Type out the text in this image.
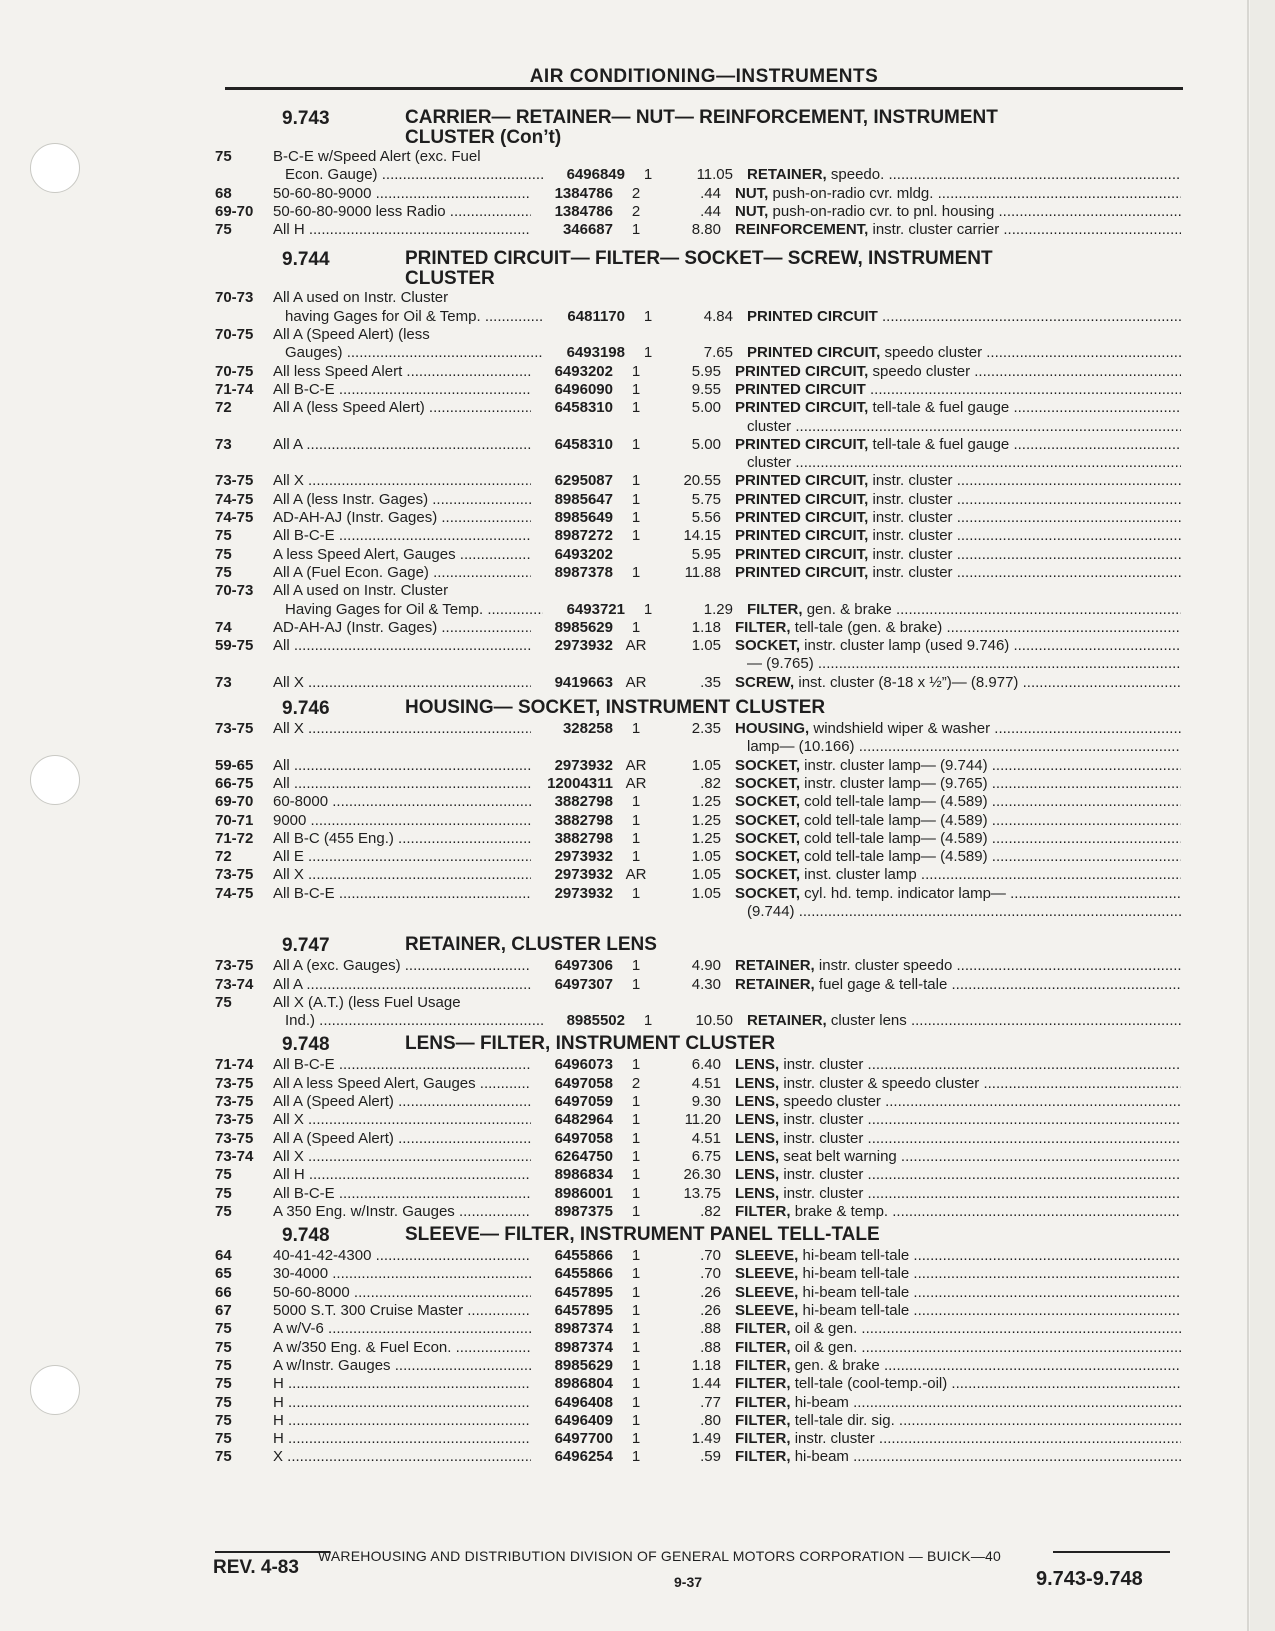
AIR CONDITIONING—INSTRUMENTS
9.743	CARRIER— RETAINER— NUT— REINFORCEMENT, INSTRUMENT
CLUSTER (Con’t)
75	B-C-E w/Speed Alert (exc. Fuel
Econ. Gauge) .....	6496849	1	11.05 RETAINER, speedo. .....
68	50-60-80-9000 .....	1384786	2	.44 NUT, push-on-radio cvr. mldg. .....
69-70	50-60-80-9000 less Radio .....	1384786	2	.44 NUT, push-on-radio cvr. to pnl. housing .....
75	All H .....	346687	1	8.80 REINFORCEMENT, instr. cluster carrier .....
9.744	PRINTED CIRCUIT— FILTER— SOCKET— SCREW, INSTRUMENT
CLUSTER
70-73	All A used on Instr. Cluster
having Gages for Oil & Temp. .....	6481170	1	4.84 PRINTED CIRCUIT .....
70-75	All A (Speed Alert) (less
Gauges) .....	6493198	1	7.65 PRINTED CIRCUIT, speedo cluster .....
70-75	All less Speed Alert .....	6493202	1	5.95 PRINTED CIRCUIT, speedo cluster .....
71-74	All B-C-E .....	6496090	1	9.55 PRINTED CIRCUIT .....
72	All A (less Speed Alert) .....	6458310	1	5.00 PRINTED CIRCUIT, tell-tale & fuel gauge .....
cluster .....
73	All A .....	6458310	1	5.00 PRINTED CIRCUIT, tell-tale & fuel gauge .....
cluster .....
73-75	All X .....	6295087	1	20.55 PRINTED CIRCUIT, instr. cluster .....
74-75	All A (less Instr. Gages) .....	8985647	1	5.75 PRINTED CIRCUIT, instr. cluster .....
74-75	AD-AH-AJ (Instr. Gages) .....	8985649	1	5.56 PRINTED CIRCUIT, instr. cluster .....
75	All B-C-E .....	8987272	1	14.15 PRINTED CIRCUIT, instr. cluster .....
75	A less Speed Alert, Gauges .....	6493202	5.95 PRINTED CIRCUIT, instr. cluster .....
75	All A (Fuel Econ. Gage) .....	8987378	1	11.88 PRINTED CIRCUIT, instr. cluster .....
70-73	All A used on Instr. Cluster
Having Gages for Oil & Temp. .....	6493721	1	1.29 FILTER, gen. & brake .....
74	AD-AH-AJ (Instr. Gages) .....	8985629	1	1.18 FILTER, tell-tale (gen. & brake) .....
59-75	All .....	2973932 AR	1.05 SOCKET, instr. cluster lamp (used 9.746) .....
— (9.765) .....
73	All X .....	9419663 AR	.35 SCREW, inst. cluster (8-18 x ½”)— (8.977) .....
9.746	HOUSING— SOCKET, INSTRUMENT CLUSTER
73-75	All X .....	328258	1	2.35 HOUSING, windshield wiper & washer .....
lamp— (10.166) .....
59-65	All .....	2973932 AR	1.05 SOCKET, instr. cluster lamp— (9.744) .....
66-75	All .....	12004311 AR	.82 SOCKET, instr. cluster lamp— (9.765) .....
69-70	60-8000 .....	3882798	1	1.25 SOCKET, cold tell-tale lamp— (4.589) .....
70-71	9000 .....	3882798	1	1.25 SOCKET, cold tell-tale lamp— (4.589) .....
71-72	All B-C (455 Eng.) .....	3882798	1	1.25 SOCKET, cold tell-tale lamp— (4.589) .....
72	All E .....	2973932	1	1.05 SOCKET, cold tell-tale lamp— (4.589) .....
73-75	All X .....	2973932 AR	1.05 SOCKET, inst. cluster lamp .....
74-75	All B-C-E .....	2973932	1	1.05 SOCKET, cyl. hd. temp. indicator lamp— .....
(9.744) .....
9.747	RETAINER, CLUSTER LENS
73-75	All A (exc. Gauges) .....	6497306	1	4.90 RETAINER, instr. cluster speedo .....
73-74	All A .....	6497307	1	4.30 RETAINER, fuel gage & tell-tale .....
75	All X (A.T.) (less Fuel Usage
Ind.) .....	8985502	1	10.50 RETAINER, cluster lens .....
9.748	LENS— FILTER, INSTRUMENT CLUSTER
71-74	All B-C-E .....	6496073	1	6.40 LENS, instr. cluster .....
73-75	All A less Speed Alert, Gauges .....	6497058	2	4.51 LENS, instr. cluster & speedo cluster .....
73-75	All A (Speed Alert) .....	6497059	1	9.30 LENS, speedo cluster .....
73-75	All X .....	6482964	1	11.20 LENS, instr. cluster .....
73-75	All A (Speed Alert) .....	6497058	1	4.51 LENS, instr. cluster .....
73-74	All X .....	6264750	1	6.75 LENS, seat belt warning .....
75	All H .....	8986834	1	26.30 LENS, instr. cluster .....
75	All B-C-E .....	8986001	1	13.75 LENS, instr. cluster .....
75	A 350 Eng. w/Instr. Gauges .....	8987375	1	.82 FILTER, brake & temp. .....
9.748	SLEEVE— FILTER, INSTRUMENT PANEL TELL-TALE
64	40-41-42-4300 .....	6455866	1	.70 SLEEVE, hi-beam tell-tale .....
65	30-4000 .....	6455866	1	.70 SLEEVE, hi-beam tell-tale .....
66	50-60-8000 .....	6457895	1	.26 SLEEVE, hi-beam tell-tale .....
67	5000 S.T. 300 Cruise Master .....	6457895	1	.26 SLEEVE, hi-beam tell-tale .....
75	A w/V-6 .....	8987374	1	.88 FILTER, oil & gen. .....
75	A w/350 Eng. & Fuel Econ. .....	8987374	1	.88 FILTER, oil & gen. .....
75	A w/Instr. Gauges .....	8985629	1	1.18 FILTER, gen. & brake .....
75	H .....	8986804	1	1.44 FILTER, tell-tale (cool-temp.-oil) .....
75	H .....	6496408	1	.77 FILTER, hi-beam .....
75	H .....	6496409	1	.80 FILTER, tell-tale dir. sig. .....
75	H .....	6497700	1	1.49 FILTER, instr. cluster .....
75	X .....	6496254	1	.59 FILTER, hi-beam .....
REV. 4-83
WAREHOUSING AND DISTRIBUTION DIVISION OF GENERAL MOTORS CORPORATION — BUICK—40
9-37	9.743-9.748
